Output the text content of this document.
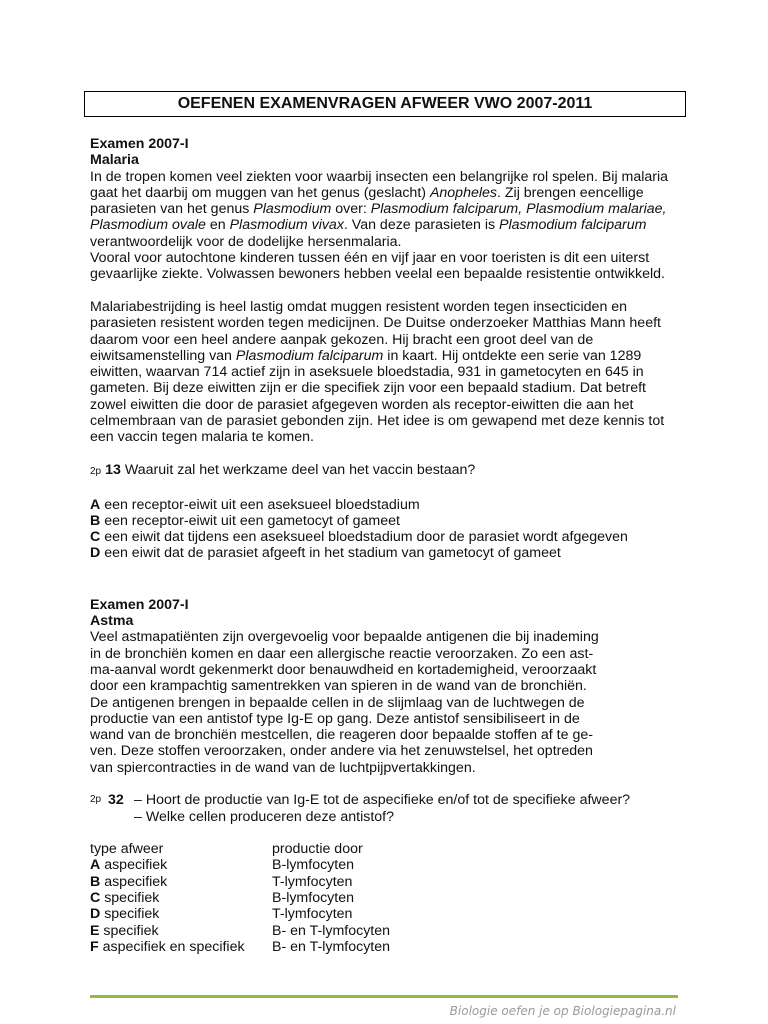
OEFENEN EXAMENVRAGEN AFWEER VWO 2007-2011
Examen 2007-I
Malaria
In de tropen komen veel ziekten voor waarbij insecten een belangrijke rol spelen. Bij malaria
gaat het daarbij om muggen van het genus (geslacht) Anopheles. Zij brengen eencellige
parasieten van het genus Plasmodium over: Plasmodium falciparum, Plasmodium malariae,
Plasmodium ovale en Plasmodium vivax. Van deze parasieten is Plasmodium falciparum
verantwoordelijk voor de dodelijke hersenmalaria.
Vooral voor autochtone kinderen tussen één en vijf jaar en voor toeristen is dit een uiterst
gevaarlijke ziekte. Volwassen bewoners hebben veelal een bepaalde resistentie ontwikkeld.
Malariabestrijding is heel lastig omdat muggen resistent worden tegen insecticiden en
parasieten resistent worden tegen medicijnen. De Duitse onderzoeker Matthias Mann heeft
daarom voor een heel andere aanpak gekozen. Hij bracht een groot deel van de
eiwitsamenstelling van Plasmodium falciparum in kaart. Hij ontdekte een serie van 1289
eiwitten, waarvan 714 actief zijn in aseksuele bloedstadia, 931 in gametocyten en 645 in
gameten. Bij deze eiwitten zijn er die specifiek zijn voor een bepaald stadium. Dat betreft
zowel eiwitten die door de parasiet afgegeven worden als receptor-eiwitten die aan het
celmembraan van de parasiet gebonden zijn. Het idee is om gewapend met deze kennis tot
een vaccin tegen malaria te komen.
2p 13 Waaruit zal het werkzame deel van het vaccin bestaan?
A een receptor-eiwit uit een aseksueel bloedstadium
B een receptor-eiwit uit een gametocyt of gameet
C een eiwit dat tijdens een aseksueel bloedstadium door de parasiet wordt afgegeven
D een eiwit dat de parasiet afgeeft in het stadium van gametocyt of gameet
Examen 2007-I
Astma
Veel astmapatiënten zijn overgevoelig voor bepaalde antigenen die bij inademing
in de bronchiën komen en daar een allergische reactie veroorzaken. Zo een ast-
ma-aanval wordt gekenmerkt door benauwdheid en kortademigheid, veroorzaakt
door een krampachtig samentrekken van spieren in de wand van de bronchiën.
De antigenen brengen in bepaalde cellen in de slijmlaag van de luchtwegen de
productie van een antistof type Ig-E op gang. Deze antistof sensibiliseert in de
wand van de bronchiën mestcellen, die reageren door bepaalde stoffen af te ge-
ven. Deze stoffen veroorzaken, onder andere via het zenuwstelsel, het optreden
van spiercontracties in de wand van de luchtpijpvertakkingen.
2p 32 – Hoort de productie van Ig-E tot de aspecifieke en/of tot de specifieke afweer?
– Welke cellen produceren deze antistof?
type afweer	productie door
A aspecifiek	B-lymfocyten
B aspecifiek	T-lymfocyten
C specifiek	B-lymfocyten
D specifiek	T-lymfocyten
E specifiek	B- en T-lymfocyten
F aspecifiek en specifiek	B- en T-lymfocyten
Biologie oefen je op Biologiepagina.nl
